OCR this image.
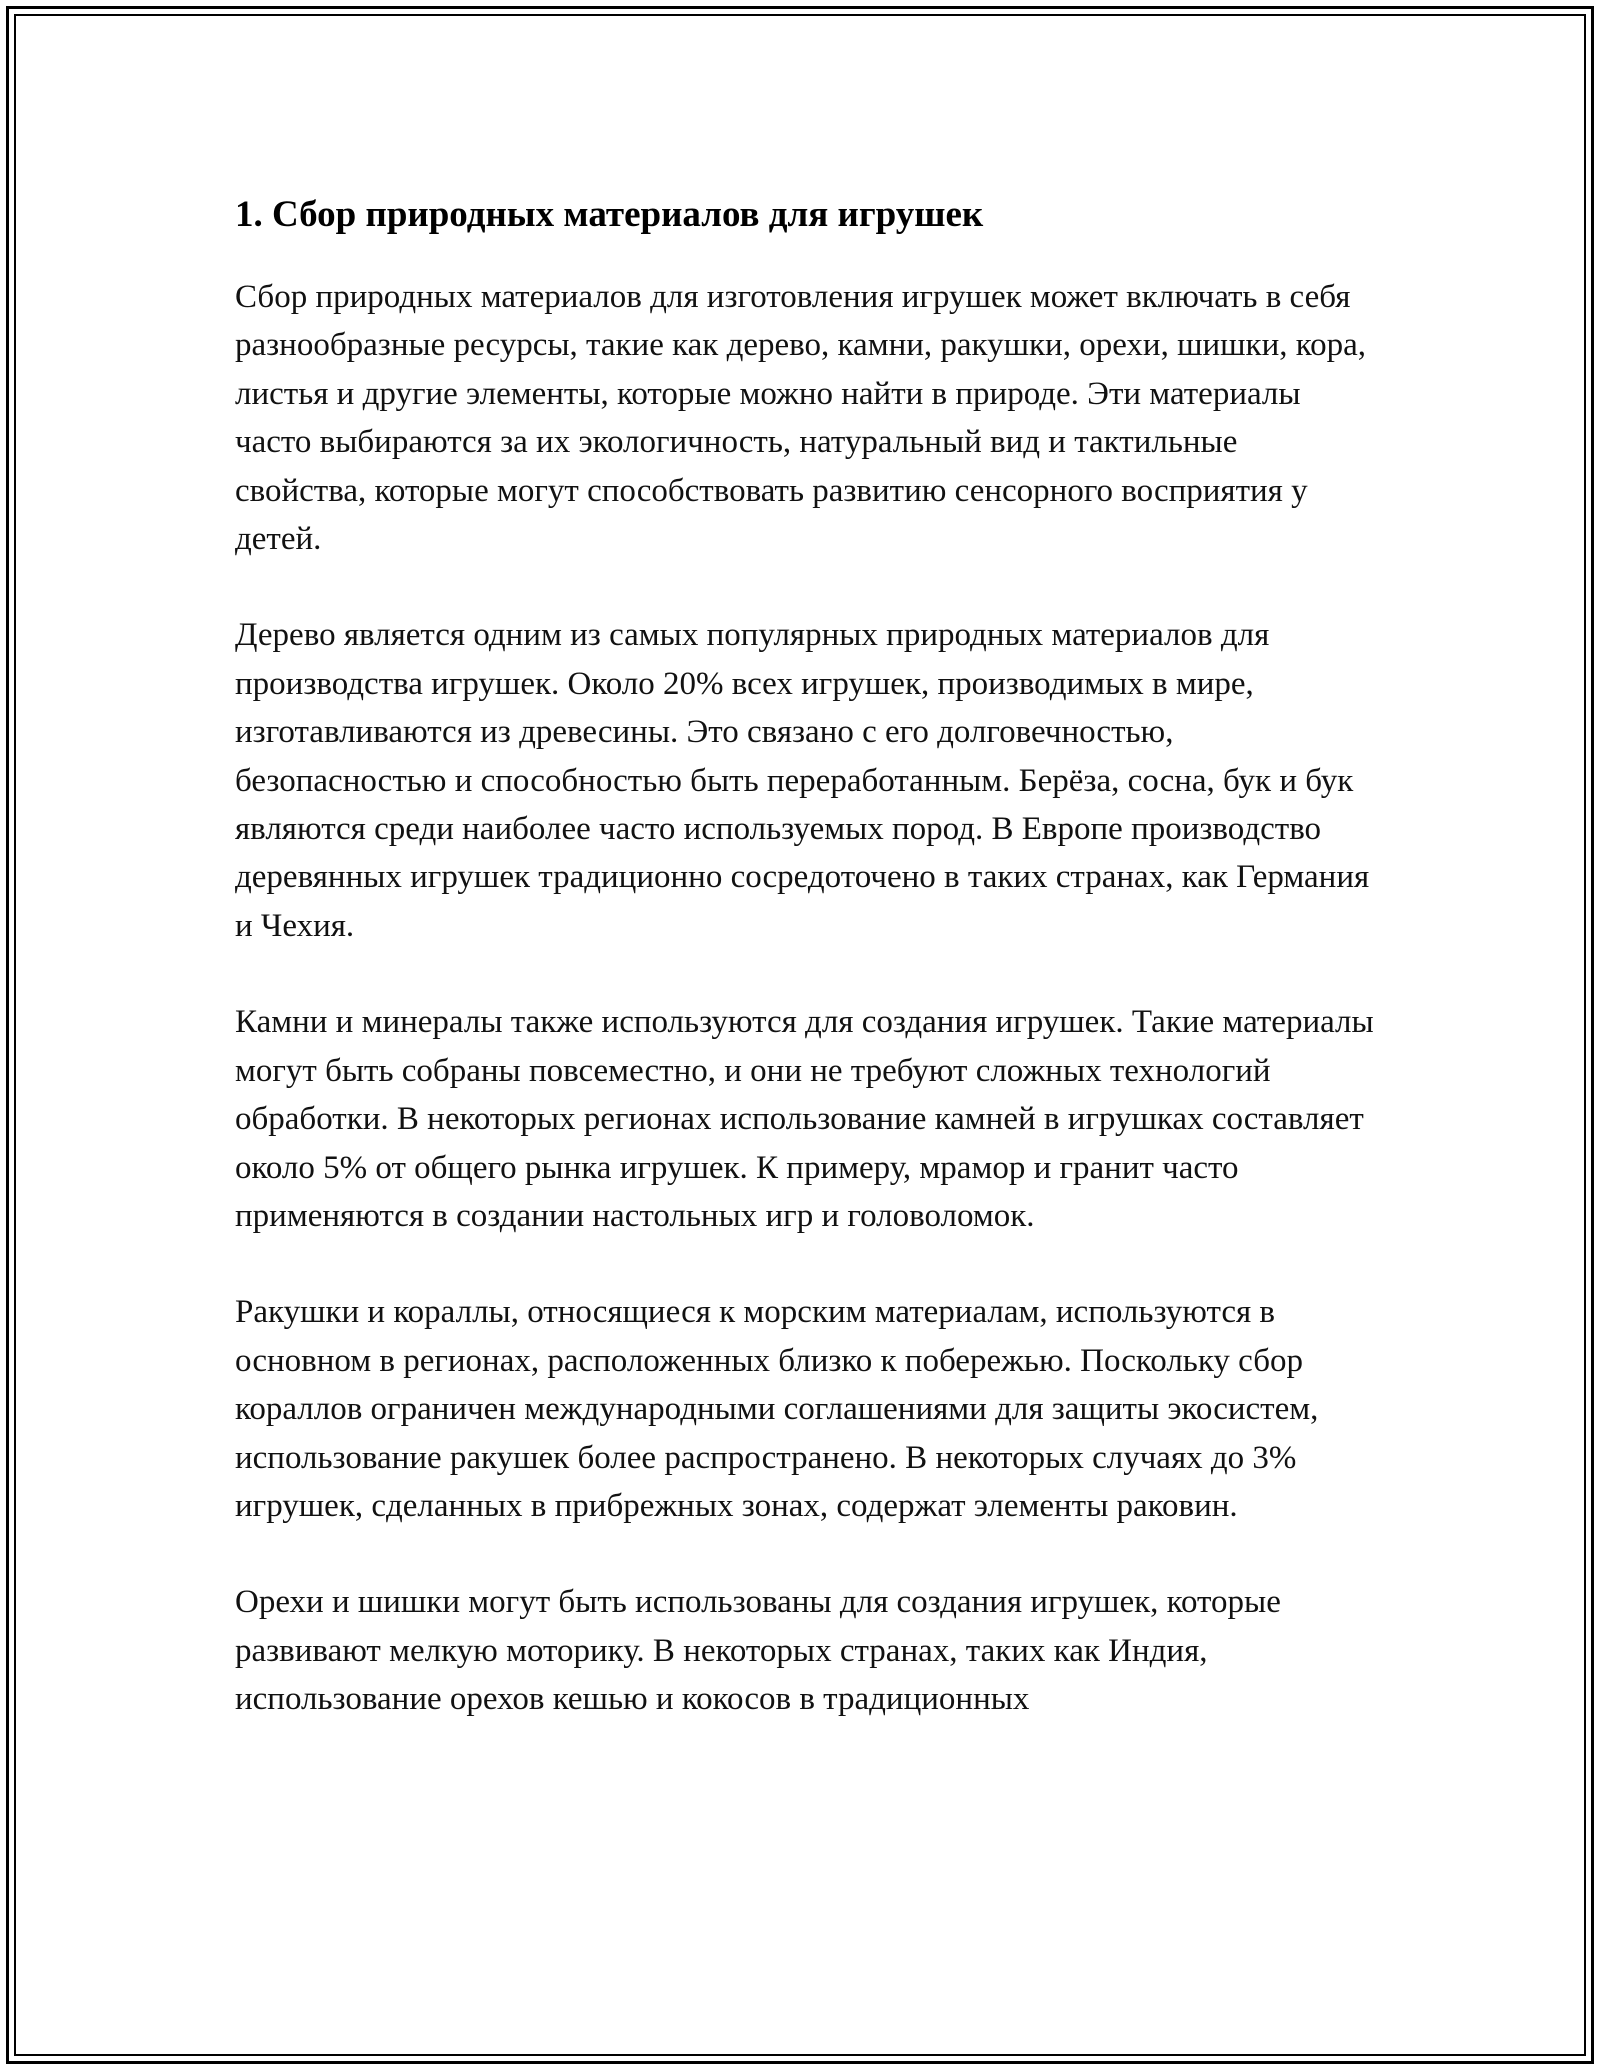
1. Сбор природных материалов для игрушек

Сбор природных материалов для изготовления игрушек может включать в себя разнообразные ресурсы, такие как дерево, камни, ракушки, орехи, шишки, кора, листья и другие элементы, которые можно найти в природе. Эти материалы часто выбираются за их экологичность, натуральный вид и тактильные свойства, которые могут способствовать развитию сенсорного восприятия у детей.

Дерево является одним из самых популярных природных материалов для производства игрушек. Около 20% всех игрушек, производимых в мире, изготавливаются из древесины. Это связано с его долговечностью, безопасностью и способностью быть переработанным. Берёза, сосна, бук и бук являются среди наиболее часто используемых пород. В Европе производство деревянных игрушек традиционно сосредоточено в таких странах, как Германия и Чехия.

Камни и минералы также используются для создания игрушек. Такие материалы могут быть собраны повсеместно, и они не требуют сложных технологий обработки. В некоторых регионах использование камней в игрушках составляет около 5% от общего рынка игрушек. К примеру, мрамор и гранит часто применяются в создании настольных игр и головоломок.

Ракушки и кораллы, относящиеся к морским материалам, используются в основном в регионах, расположенных близко к побережью. Поскольку сбор кораллов ограничен международными соглашениями для защиты экосистем, использование ракушек более распространено. В некоторых случаях до 3% игрушек, сделанных в прибрежных зонах, содержат элементы раковин.

Орехи и шишки могут быть использованы для создания игрушек, которые развивают мелкую моторику. В некоторых странах, таких как Индия, использование орехов кешью и кокосов в традиционных
